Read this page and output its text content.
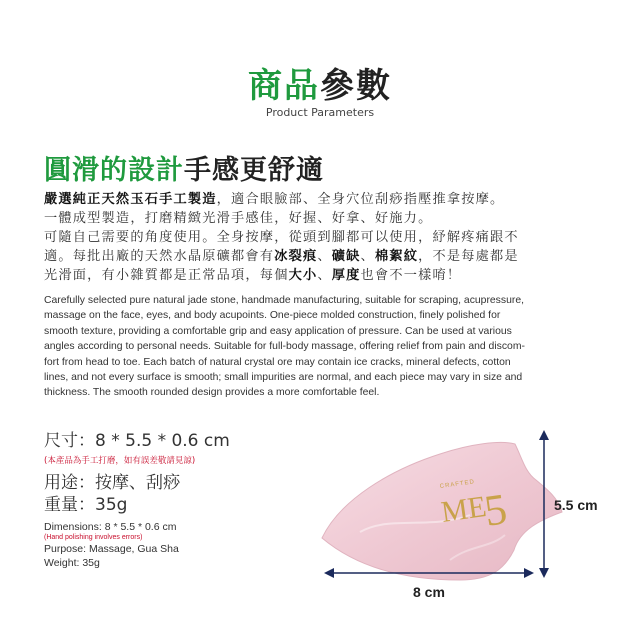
商品參數
Product Parameters
圓滑的設計手感更舒適
嚴選純正天然玉石手工製造，適合眼臉部、全身穴位刮痧指壓推拿按摩。
一體成型製造，打磨精緻光滑手感佳，好握、好拿、好施力。
可隨自己需要的角度使用。全身按摩，從頭到腳都可以使用，紓解疼痛跟不
適。每批出廠的天然水晶原礦都會有冰裂痕、礦缺、棉絮紋，不是每處都是
光滑面，有小雜質都是正常品項，每個大小、厚度也會不一樣唷！
Carefully selected pure natural jade stone, handmade manufacturing, suitable for scraping, acupressure,
massage on the face, eyes, and body acupoints. One-piece molded construction, finely polished for
smooth texture, providing a comfortable grip and easy application of pressure. Can be used at various
angles according to personal needs. Suitable for full-body massage, offering relief from pain and discom-
fort from head to toe. Each batch of natural crystal ore may contain ice cracks, mineral defects, cotton
lines, and not every surface is smooth; small impurities are normal, and each piece may vary in size and
thickness. The smooth rounded design provides a more comfortable feel.
尺寸：8 * 5.5 * 0.6 cm
(本產品為手工打磨，如有誤差敬請見諒)
用途：按摩、刮痧
重量：35g
Dimensions: 8 * 5.5 * 0.6 cm
(Hand polishing involves errors)
Purpose: Massage, Gua Sha
Weight: 35g
CRAFTED
ME
5	5.5 cm
8 cm
